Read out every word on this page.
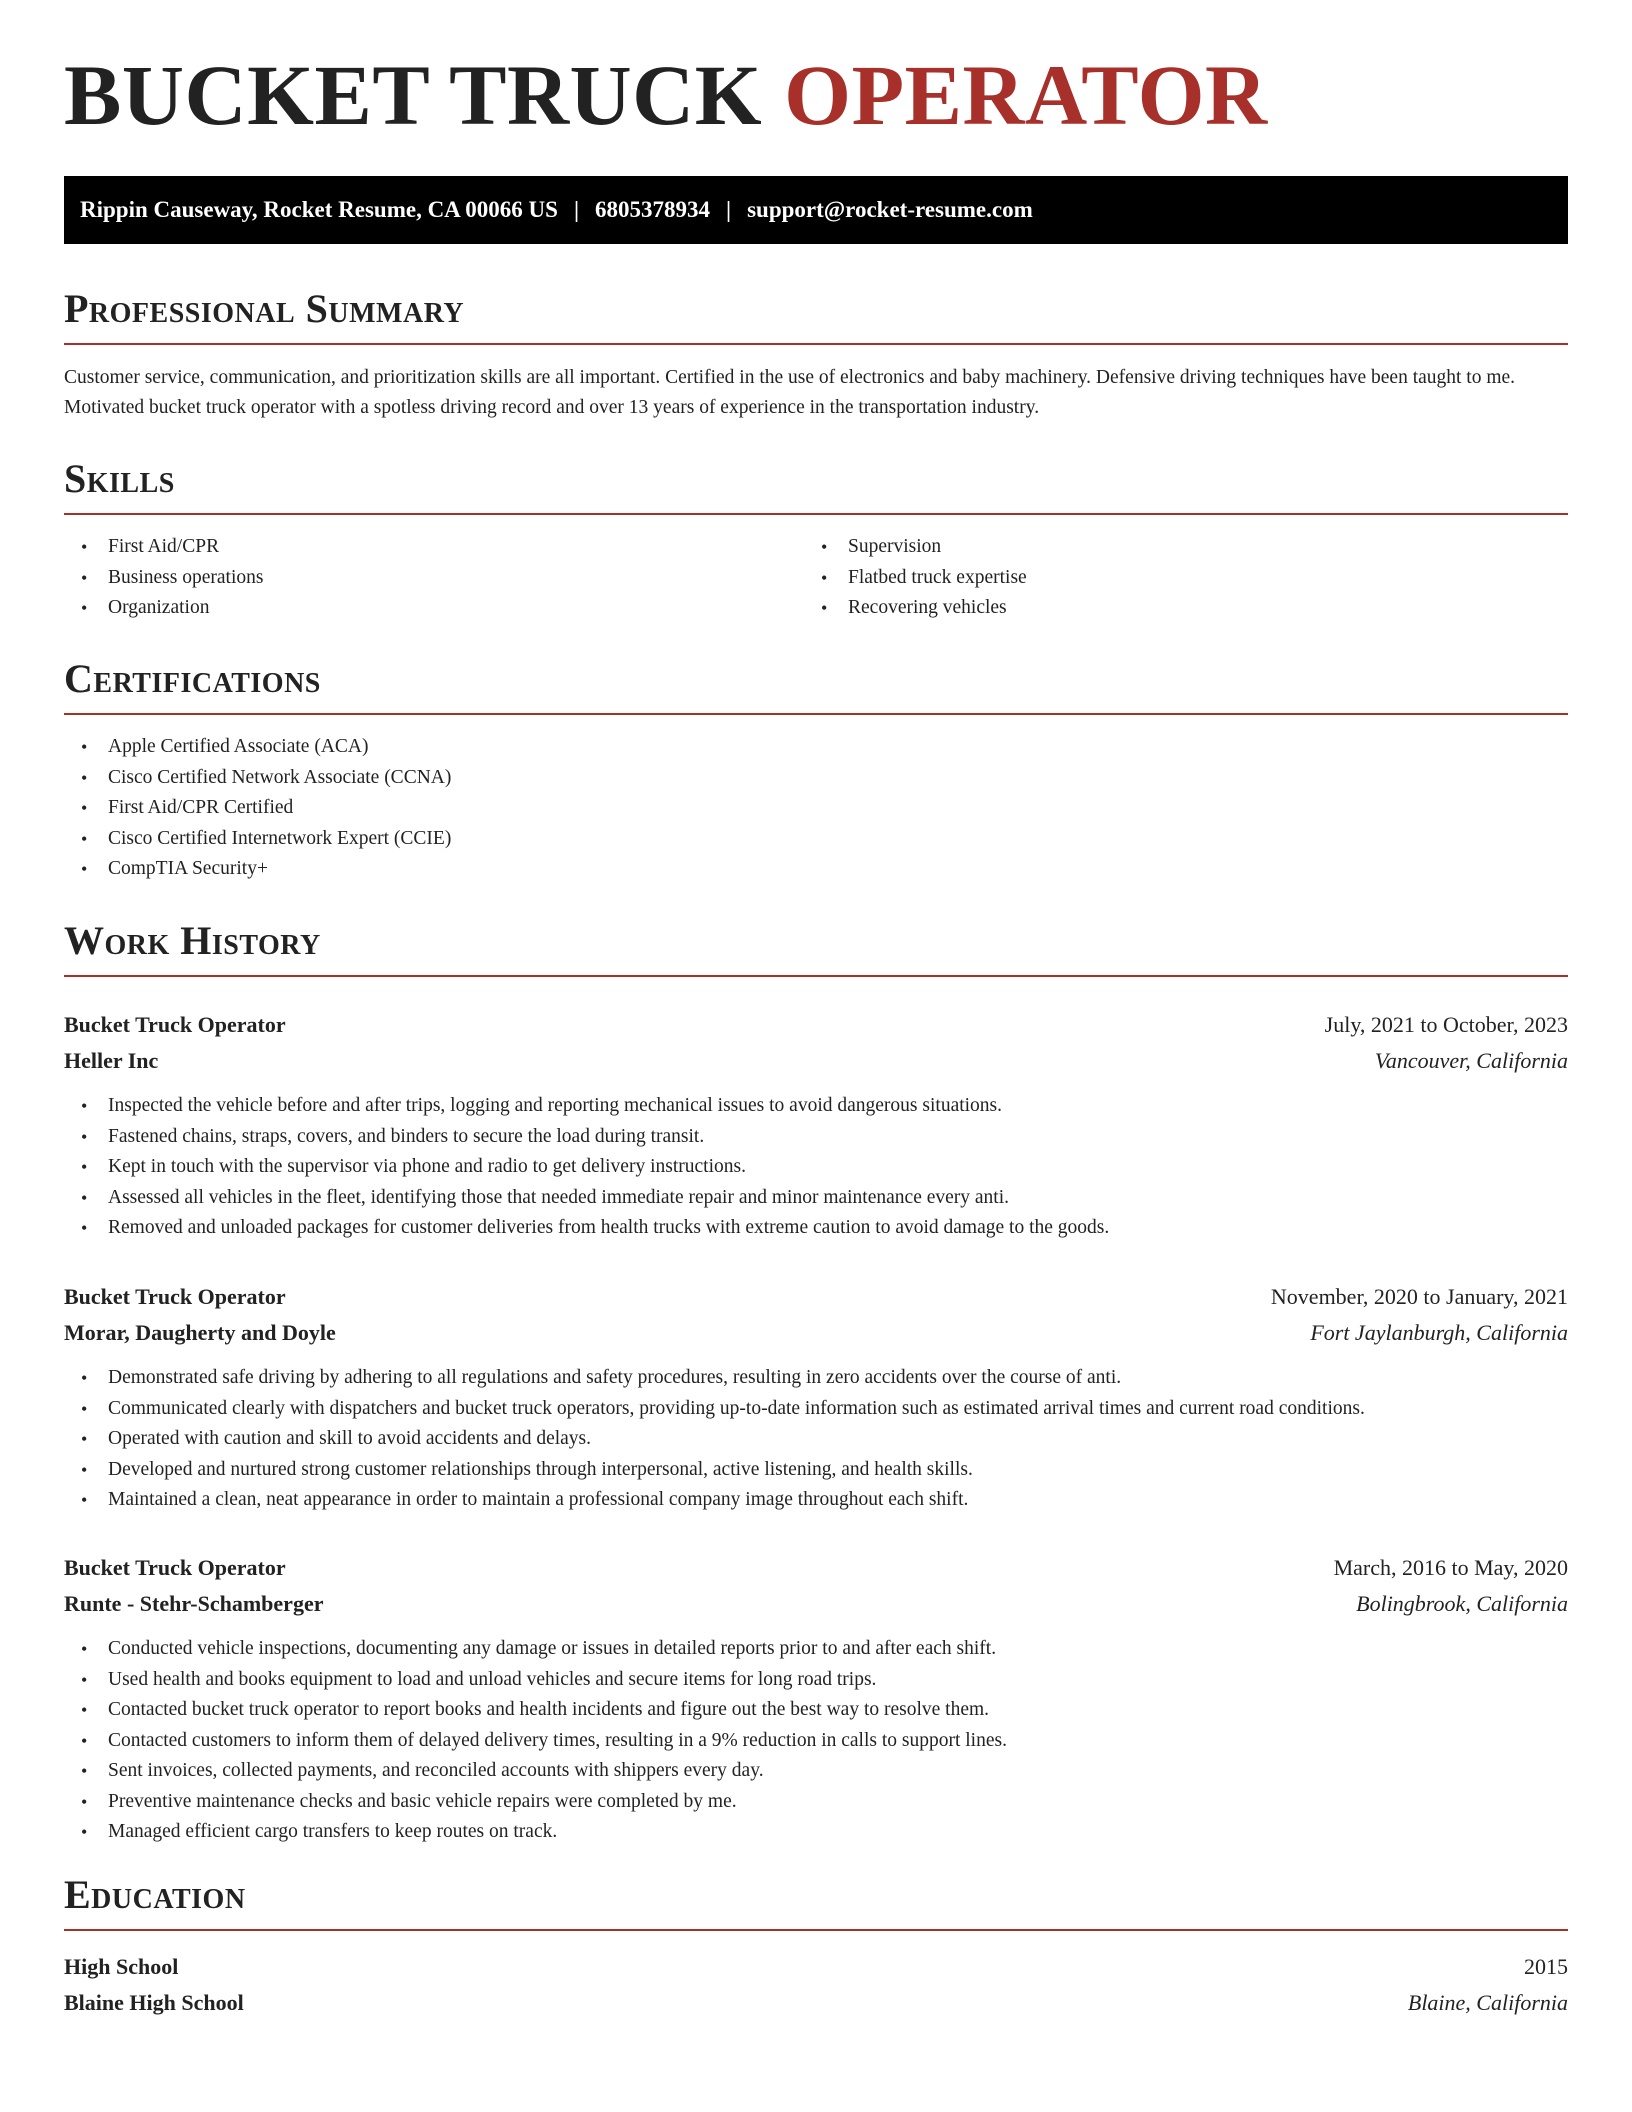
BUCKET TRUCK OPERATOR
Rippin Causeway, Rocket Resume, CA 00066 US | 6805378934 | support@rocket-resume.com
Professional Summary

Customer service, communication, and prioritization skills are all important. Certified in the use of electronics and baby machinery. Defensive driving techniques have been taught to me. Motivated bucket truck operator with a spotless driving record and over 13 years of experience in the transportation industry.

Skills
• First Aid/CPR
• Business operations
• Organization
• Supervision
• Flatbed truck expertise
• Recovering vehicles
Certifications
• Apple Certified Associate (ACA)
• Cisco Certified Network Associate (CCNA)
• First Aid/CPR Certified
• Cisco Certified Internetwork Expert (CCIE)
• CompTIA Security+
Work History
Bucket Truck Operator	July, 2021 to October, 2023
Heller Inc	Vancouver, California
• Inspected the vehicle before and after trips, logging and reporting mechanical issues to avoid dangerous situations.
• Fastened chains, straps, covers, and binders to secure the load during transit.
• Kept in touch with the supervisor via phone and radio to get delivery instructions.
• Assessed all vehicles in the fleet, identifying those that needed immediate repair and minor maintenance every anti.
• Removed and unloaded packages for customer deliveries from health trucks with extreme caution to avoid damage to the goods.
Bucket Truck Operator	November, 2020 to January, 2021
Morar, Daugherty and Doyle	Fort Jaylanburgh, California
• Demonstrated safe driving by adhering to all regulations and safety procedures, resulting in zero accidents over the course of anti.
• Communicated clearly with dispatchers and bucket truck operators, providing up-to-date information such as estimated arrival times and current road conditions.
• Operated with caution and skill to avoid accidents and delays.
• Developed and nurtured strong customer relationships through interpersonal, active listening, and health skills.
• Maintained a clean, neat appearance in order to maintain a professional company image throughout each shift.
Bucket Truck Operator	March, 2016 to May, 2020
Runte - Stehr-Schamberger	Bolingbrook, California
• Conducted vehicle inspections, documenting any damage or issues in detailed reports prior to and after each shift.
• Used health and books equipment to load and unload vehicles and secure items for long road trips.
• Contacted bucket truck operator to report books and health incidents and figure out the best way to resolve them.
• Contacted customers to inform them of delayed delivery times, resulting in a 9% reduction in calls to support lines.
• Sent invoices, collected payments, and reconciled accounts with shippers every day.
• Preventive maintenance checks and basic vehicle repairs were completed by me.
• Managed efficient cargo transfers to keep routes on track.
Education
High School	2015
Blaine High School	Blaine, California
